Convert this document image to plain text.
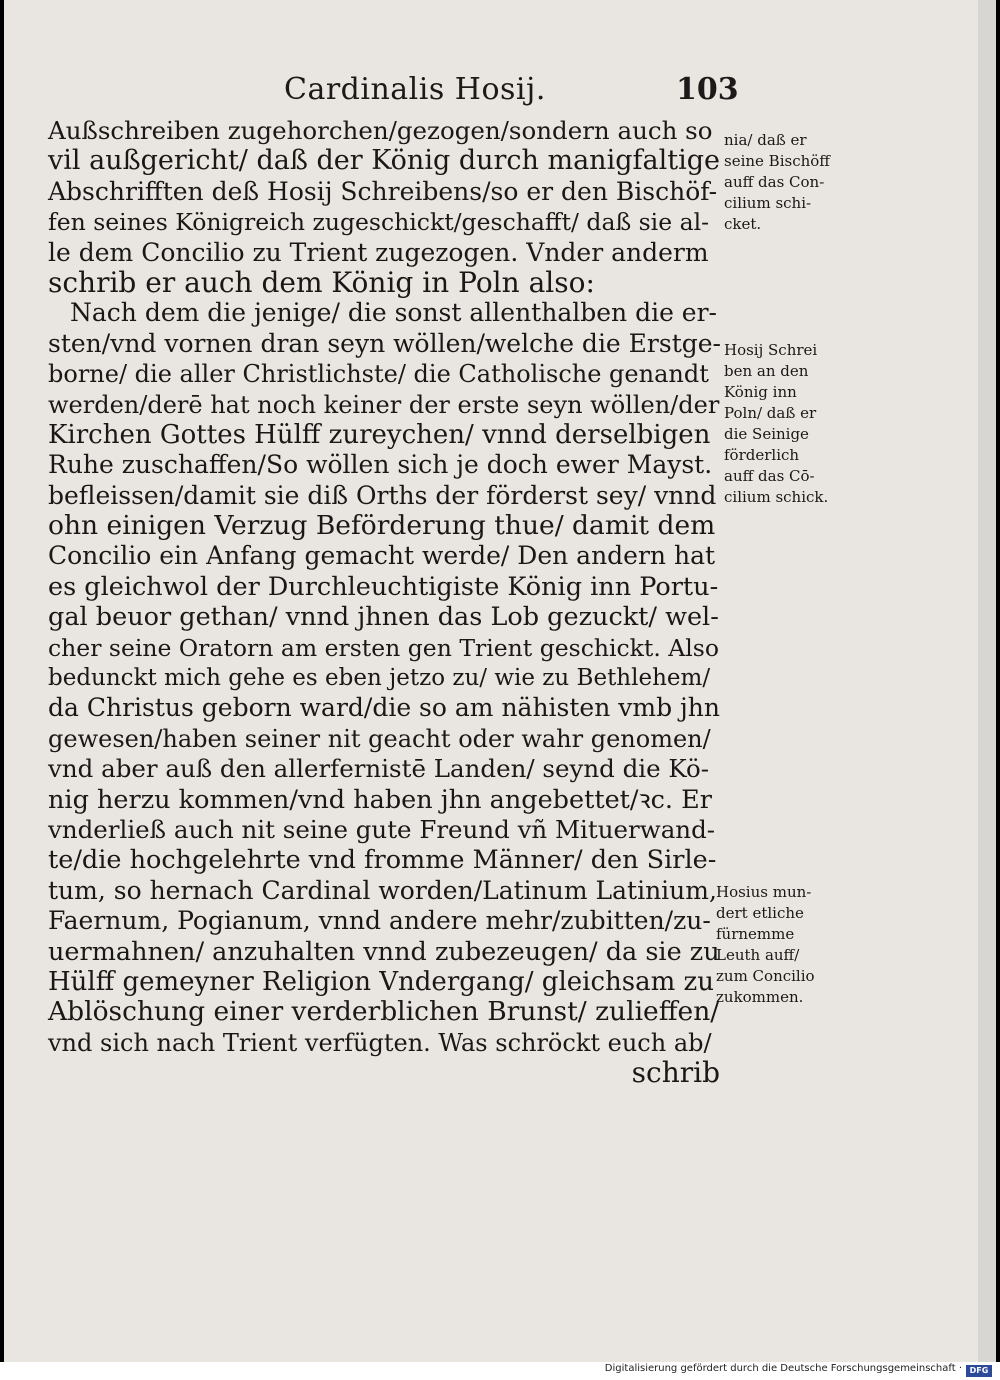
Cardinalis Hosij.	103
Außschreiben zugehorchen/gezogen/sondern auch so
vil außgericht/ daß der König durch manigfaltige
Abschrifften deß Hosij Schreibens/so er den Bischöf-
fen seines Königreich zugeschickt/geschafft/ daß sie al-
le dem Concilio zu Trient zugezogen. Vnder anderm
schrib er auch dem König in Poln also:
Nach dem die jenige/ die sonst allenthalben die er-
sten/vnd vornen dran seyn wöllen/welche die Erstge-
borne/ die aller Christlichste/ die Catholische genandt
werden/derē hat noch keiner der erste seyn wöllen/der
Kirchen Gottes Hülff zureychen/ vnnd derselbigen
Ruhe zuschaffen/So wöllen sich je doch ewer Mayst.
befleissen/damit sie diß Orths der förderst sey/ vnnd
ohn einigen Verzug Beförderung thue/ damit dem
Concilio ein Anfang gemacht werde/ Den andern hat
es gleichwol der Durchleuchtigiste König inn Portu-
gal beuor gethan/ vnnd jhnen das Lob gezuckt/ wel-
cher seine Oratorn am ersten gen Trient geschickt. Also
bedunckt mich gehe es eben jetzo zu/ wie zu Bethlehem/
da Christus geborn ward/die so am nähisten vmb jhn
gewesen/haben seiner nit geacht oder wahr genomen/
vnd aber auß den allerfernistē Landen/ seynd die Kö-
nig herzu kommen/vnd haben jhn angebettet/ꝛc. Er
vnderließ auch nit seine gute Freund vñ Mituerwand-
te/die hochgelehrte vnd fromme Männer/ den Sirle-
tum, so hernach Cardinal worden/Latinum Latinium,
Faernum, Pogianum, vnnd andere mehr/zubitten/zu-
uermahnen/ anzuhalten vnnd zubezeugen/ da sie zu
Hülff gemeyner Religion Vndergang/ gleichsam zu
Ablöschung einer verderblichen Brunst/ zulieffen/
vnd sich nach Trient verfügten. Was schröckt euch ab/
schrib
nia/ daß er
seine Bischöff
auff das Con-
cilium schi-
cket.
Hosij Schrei
ben an den
König inn
Poln/ daß er
die Seinige
förderlich
auff das Cō-
cilium schick.
Hosius mun-
dert etliche
fürnemme
Leuth auff/
zum Concilio
zukommen.
Digitalisierung gefördert durch die Deutsche Forschungsgemeinschaft · DFG
